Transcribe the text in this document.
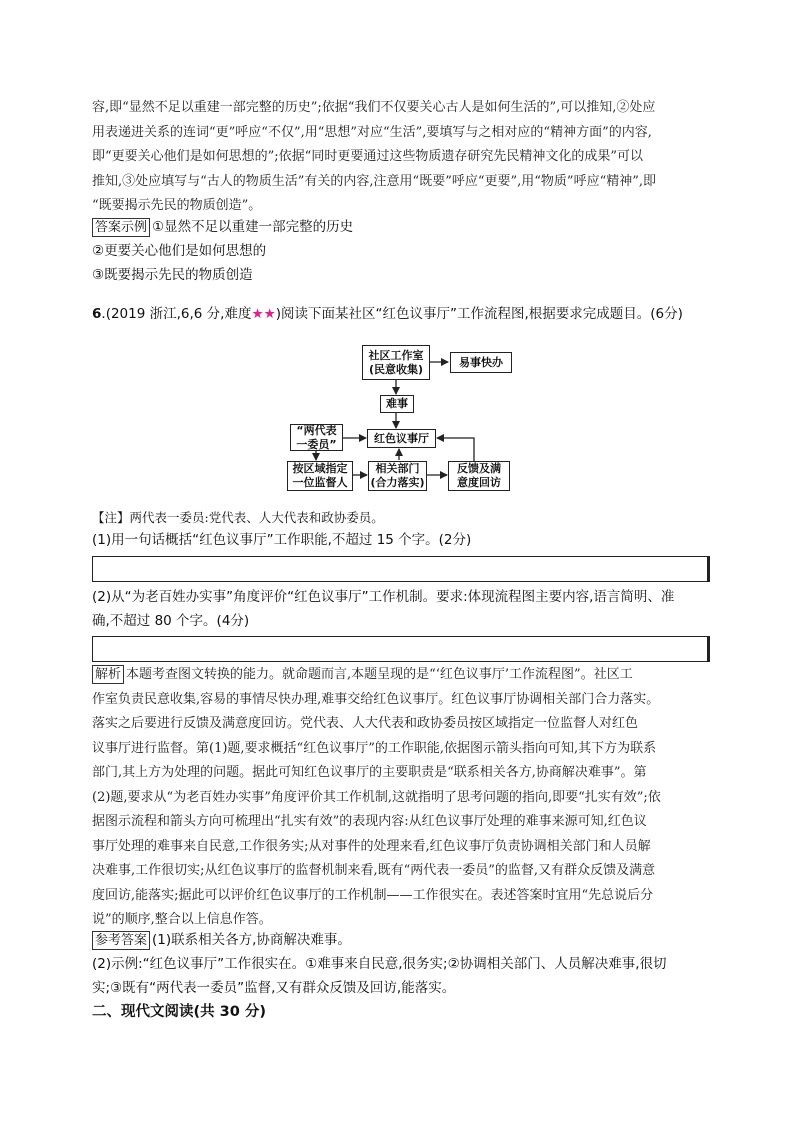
容,即“显然不足以重建一部完整的历史”;依据“我们不仅要关心古人是如何生活的”,可以推知,②处应
用表递进关系的连词“更”呼应“不仅”,用“思想”对应“生活”,要填写与之相对应的“精神方面”的内容,
即“更要关心他们是如何思想的”;依据“同时更要通过这些物质遗存研究先民精神文化的成果”可以
推知,③处应填写与“古人的物质生活”有关的内容,注意用“既要”呼应“更要”,用“物质”呼应“精神”,即
“既要揭示先民的物质创造”。
答案示例 ①显然不足以重建一部完整的历史
②更要关心他们是如何思想的
③既要揭示先民的物质创造
6.(2019 浙江,6,6 分,难度★★)阅读下面某社区“红色议事厅”工作流程图,根据要求完成题目。(6分)
社区工作室
(民意收集)
易事快办
难事
红色议事厅
“两代表
一委员”
按区域指定
一位监督人
相关部门
(合力落实)
反馈及满
意度回访
【注】两代表一委员:党代表、人大代表和政协委员。
(1)用一句话概括“红色议事厅”工作职能,不超过 15 个字。(2分)
(2)从“为老百姓办实事”角度评价“红色议事厅”工作机制。要求:体现流程图主要内容,语言简明、准
确,不超过 80 个字。(4分)
解析 本题考查图文转换的能力。就命题而言,本题呈现的是“‘红色议事厅’工作流程图”。社区工
作室负责民意收集,容易的事情尽快办理,难事交给红色议事厅。红色议事厅协调相关部门合力落实。
落实之后要进行反馈及满意度回访。党代表、人大代表和政协委员按区域指定一位监督人对红色
议事厅进行监督。第(1)题,要求概括“红色议事厅”的工作职能,依据图示箭头指向可知,其下方为联系
部门,其上方为处理的问题。据此可知红色议事厅的主要职责是“联系相关各方,协商解决难事”。第
(2)题,要求从“为老百姓办实事”角度评价其工作机制,这就指明了思考问题的指向,即要“扎实有效”;依
据图示流程和箭头方向可梳理出“扎实有效”的表现内容:从红色议事厅处理的难事来源可知,红色议
事厅处理的难事来自民意,工作很务实;从对事件的处理来看,红色议事厅负责协调相关部门和人员解
决难事,工作很切实;从红色议事厅的监督机制来看,既有“两代表一委员”的监督,又有群众反馈及满意
度回访,能落实;据此可以评价红色议事厅的工作机制——工作很实在。表述答案时宜用“先总说后分
说”的顺序,整合以上信息作答。
参考答案 (1)联系相关各方,协商解决难事。
(2)示例:“红色议事厅”工作很实在。①难事来自民意,很务实;②协调相关部门、人员解决难事,很切
实;③既有“两代表一委员”监督,又有群众反馈及回访,能落实。
二、现代文阅读(共 30 分)
